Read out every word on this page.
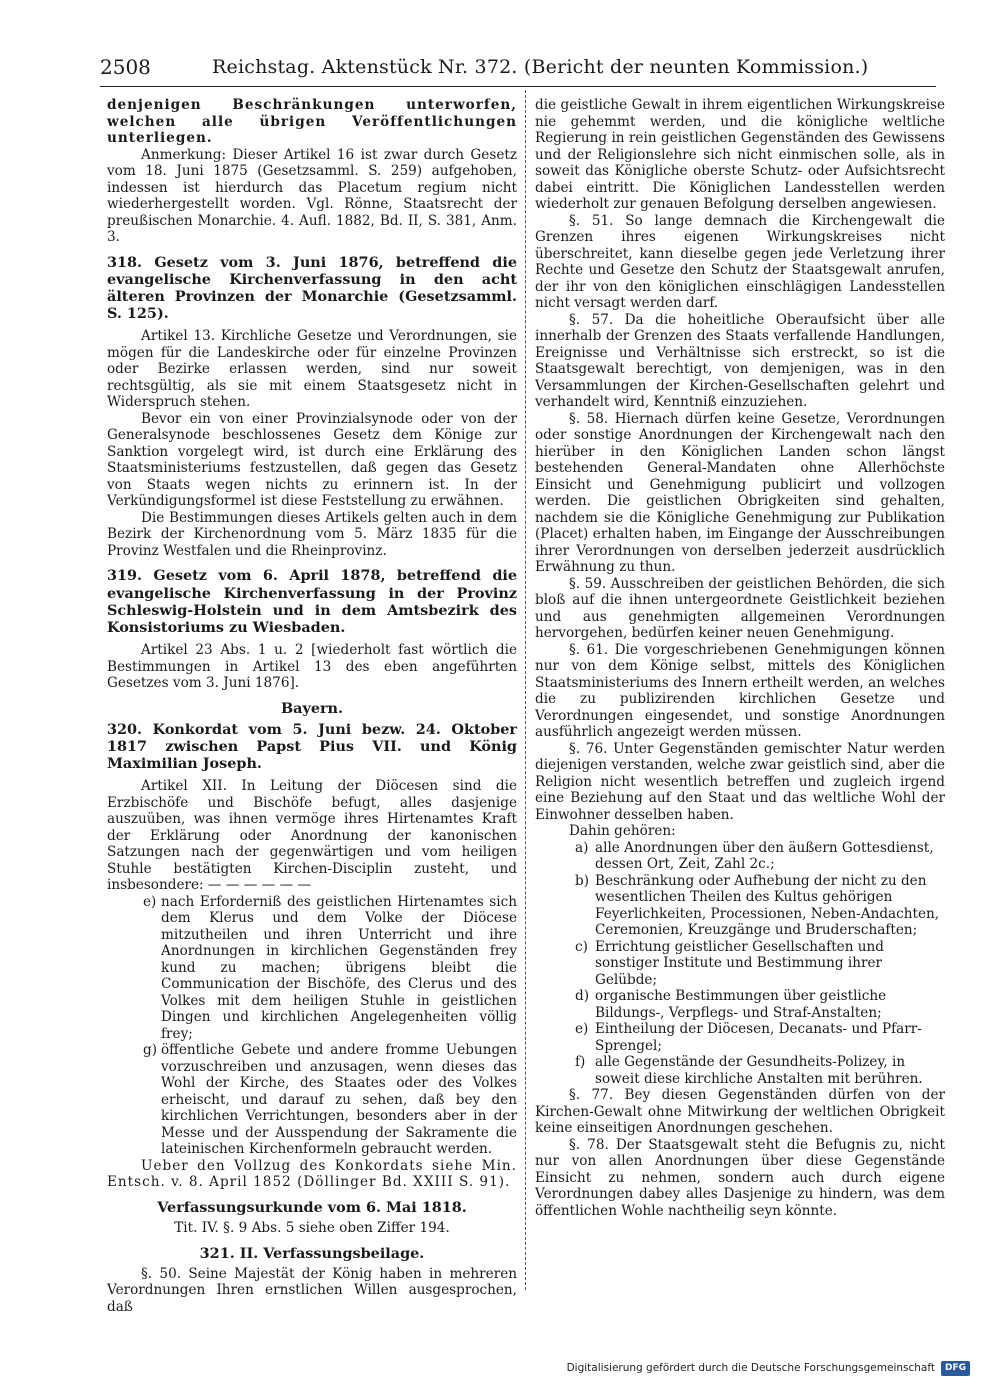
2508	Reichstag. Aktenstück Nr. 372. (Bericht der neunten Kommission.)

denjenigen Beschränkungen unterworfen, welchen alle übrigen Veröffentlichungen unterliegen.

Anmerkung: Dieser Artikel 16 ist zwar durch Gesetz vom 18. Juni 1875 (Gesetzsamml. S. 259) aufgehoben, indessen ist hierdurch das Placetum regium nicht wiederhergestellt worden. Vgl. Rönne, Staatsrecht der preußischen Monarchie. 4. Aufl. 1882, Bd. II, S. 381, Anm. 3.

318. Gesetz vom 3. Juni 1876, betreffend die evangelische Kirchenverfassung in den acht älteren Provinzen der Monarchie (Gesetzsamml. S. 125).

Artikel 13. Kirchliche Gesetze und Verordnungen, sie mögen für die Landeskirche oder für einzelne Provinzen oder Bezirke erlassen werden, sind nur soweit rechtsgültig, als sie mit einem Staatsgesetz nicht in Widerspruch stehen.

Bevor ein von einer Provinzialsynode oder von der Generalsynode beschlossenes Gesetz dem Könige zur Sanktion vorgelegt wird, ist durch eine Erklärung des Staatsministeriums festzustellen, daß gegen das Gesetz von Staats wegen nichts zu erinnern ist. In der Verkündigungsformel ist diese Feststellung zu erwähnen.

Die Bestimmungen dieses Artikels gelten auch in dem Bezirk der Kirchenordnung vom 5. März 1835 für die Provinz Westfalen und die Rheinprovinz.

319. Gesetz vom 6. April 1878, betreffend die evangelische Kirchenverfassung in der Provinz Schleswig-Holstein und in dem Amtsbezirk des Konsistoriums zu Wiesbaden.

Artikel 23 Abs. 1 u. 2 [wiederholt fast wörtlich die Bestimmungen in Artikel 13 des eben angeführten Gesetzes vom 3. Juni 1876].

Bayern.

320. Konkordat vom 5. Juni bezw. 24. Oktober 1817 zwischen Papst Pius VII. und König Maximilian Joseph.

Artikel XII. In Leitung der Diöcesen sind die Erzbischöfe und Bischöfe befugt, alles dasjenige auszuüben, was ihnen vermöge ihres Hirtenamtes Kraft der Erklärung oder Anordnung der kanonischen Satzungen nach der gegenwärtigen und vom heiligen Stuhle bestätigten Kirchen-Disciplin zusteht, und insbesondere: — — — — — —

e) nach Erforderniß des geistlichen Hirtenamtes sich dem Klerus und dem Volke der Diöcese mitzutheilen und ihren Unterricht und ihre Anordnungen in kirchlichen Gegenständen frey kund zu machen; übrigens bleibt die Communication der Bischöfe, des Clerus und des Volkes mit dem heiligen Stuhle in geistlichen Dingen und kirchlichen Angelegenheiten völlig frey;

g) öffentliche Gebete und andere fromme Uebungen vorzuschreiben und anzusagen, wenn dieses das Wohl der Kirche, des Staates oder des Volkes erheischt, und darauf zu sehen, daß bey den kirchlichen Verrichtungen, besonders aber in der Messe und der Ausspendung der Sakramente die lateinischen Kirchenformeln gebraucht werden.

Ueber den Vollzug des Konkordats siehe Min. Entsch. v. 8. April 1852 (Döllinger Bd. XXIII S. 91).

Verfassungsurkunde vom 6. Mai 1818.

Tit. IV. §. 9 Abs. 5 siehe oben Ziffer 194.

321. II. Verfassungsbeilage.

§. 50. Seine Majestät der König haben in mehreren Verordnungen Ihren ernstlichen Willen ausgesprochen, daß

die geistliche Gewalt in ihrem eigentlichen Wirkungskreise nie gehemmt werden, und die königliche weltliche Regierung in rein geistlichen Gegenständen des Gewissens und der Religionslehre sich nicht einmischen solle, als in soweit das Königliche oberste Schutz- oder Aufsichtsrecht dabei eintritt. Die Königlichen Landesstellen werden wiederholt zur genauen Befolgung derselben angewiesen.

§. 51. So lange demnach die Kirchengewalt die Grenzen ihres eigenen Wirkungskreises nicht überschreitet, kann dieselbe gegen jede Verletzung ihrer Rechte und Gesetze den Schutz der Staatsgewalt anrufen, der ihr von den königlichen einschlägigen Landesstellen nicht versagt werden darf.

§. 57. Da die hoheitliche Oberaufsicht über alle innerhalb der Grenzen des Staats verfallende Handlungen, Ereignisse und Verhältnisse sich erstreckt, so ist die Staatsgewalt berechtigt, von demjenigen, was in den Versammlungen der Kirchen-Gesellschaften gelehrt und verhandelt wird, Kenntniß einzuziehen.

§. 58. Hiernach dürfen keine Gesetze, Verordnungen oder sonstige Anordnungen der Kirchengewalt nach den hierüber in den Königlichen Landen schon längst bestehenden General-Mandaten ohne Allerhöchste Einsicht und Genehmigung publicirt und vollzogen werden. Die geistlichen Obrigkeiten sind gehalten, nachdem sie die Königliche Genehmigung zur Publikation (Placet) erhalten haben, im Eingange der Ausschreibungen ihrer Verordnungen von derselben jederzeit ausdrücklich Erwähnung zu thun.

§. 59. Ausschreiben der geistlichen Behörden, die sich bloß auf die ihnen untergeordnete Geistlichkeit beziehen und aus genehmigten allgemeinen Verordnungen hervorgehen, bedürfen keiner neuen Genehmigung.

§. 61. Die vorgeschriebenen Genehmigungen können nur von dem Könige selbst, mittels des Königlichen Staatsministeriums des Innern ertheilt werden, an welches die zu publizirenden kirchlichen Gesetze und Verordnungen eingesendet, und sonstige Anordnungen ausführlich angezeigt werden müssen.

§. 76. Unter Gegenständen gemischter Natur werden diejenigen verstanden, welche zwar geistlich sind, aber die Religion nicht wesentlich betreffen und zugleich irgend eine Beziehung auf den Staat und das weltliche Wohl der Einwohner desselben haben.

Dahin gehören:

a) alle Anordnungen über den äußern Gottesdienst, dessen Ort, Zeit, Zahl 2c.;

b) Beschränkung oder Aufhebung der nicht zu den wesentlichen Theilen des Kultus gehörigen Feyerlichkeiten, Processionen, Neben-Andachten, Ceremonien, Kreuzgänge und Bruderschaften;

c) Errichtung geistlicher Gesellschaften und sonstiger Institute und Bestimmung ihrer Gelübde;

d) organische Bestimmungen über geistliche Bildungs-, Verpflegs- und Straf-Anstalten;

e) Eintheilung der Diöcesen, Decanats- und Pfarr-Sprengel;

f) alle Gegenstände der Gesundheits-Polizey, in soweit diese kirchliche Anstalten mit berühren.

§. 77. Bey diesen Gegenständen dürfen von der Kirchen-Gewalt ohne Mitwirkung der weltlichen Obrigkeit keine einseitigen Anordnungen geschehen.

§. 78. Der Staatsgewalt steht die Befugnis zu, nicht nur von allen Anordnungen über diese Gegenstände Einsicht zu nehmen, sondern auch durch eigene Verordnungen dabey alles Dasjenige zu hindern, was dem öffentlichen Wohle nachtheilig seyn könnte.

Digitalisierung gefördert durch die Deutsche Forschungsgemeinschaft DFG
